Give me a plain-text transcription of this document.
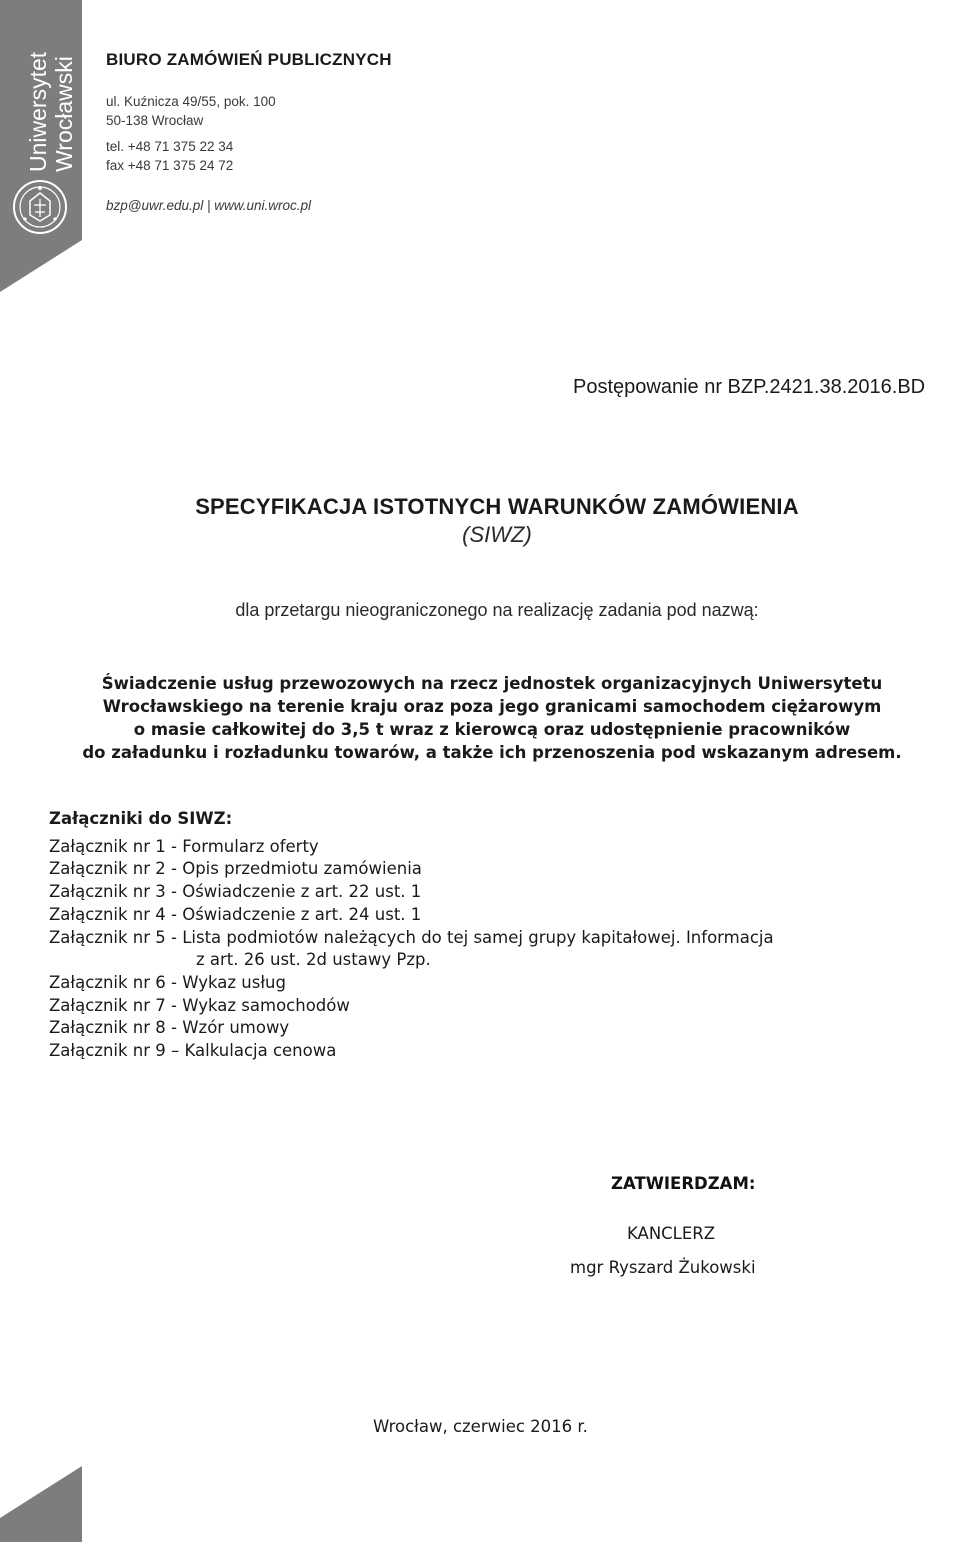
Uniwersytet Wrocławski BIURO ZAMÓWIEŃ PUBLICZNYCH
ul. Kuźnicza 49/55, pok. 100
50-138 Wrocław
tel. +48 71 375 22 34
fax +48 71 375 24 72
bzp@uwr.edu.pl | www.uni.wroc.pl
Postępowanie nr BZP.2421.38.2016.BD
SPECYFIKACJA ISTOTNYCH WARUNKÓW ZAMÓWIENIA
(SIWZ)
dla przetargu nieograniczonego na realizację zadania pod nazwą:
Świadczenie usług przewozowych na rzecz jednostek organizacyjnych Uniwersytetu
Wrocławskiego na terenie kraju oraz poza jego granicami samochodem ciężarowym
o masie całkowitej do 3,5 t wraz z kierowcą oraz udostępnienie pracowników
do załadunku i rozładunku towarów, a także ich przenoszenia pod wskazanym adresem.
Załączniki do SIWZ:
Załącznik nr 1 - Formularz oferty
Załącznik nr 2 - Opis przedmiotu zamówienia
Załącznik nr 3 - Oświadczenie z art. 22 ust. 1
Załącznik nr 4 - Oświadczenie z art. 24 ust. 1
Załącznik nr 5 - Lista podmiotów należących do tej samej grupy kapitałowej. Informacja
z art. 26 ust. 2d ustawy Pzp.
Załącznik nr 6 - Wykaz usług
Załącznik nr 7 - Wykaz samochodów
Załącznik nr 8 - Wzór umowy
Załącznik nr 9 – Kalkulacja cenowa
ZATWIERDZAM:
KANCLERZ
mgr Ryszard Żukowski
Wrocław, czerwiec 2016 r.
